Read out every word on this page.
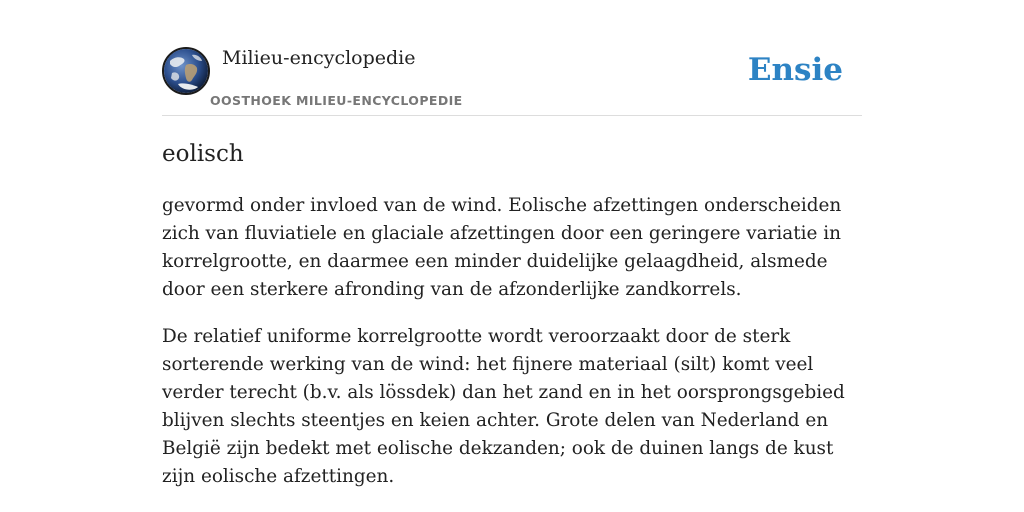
Milieu-encyclopedie
OOSTHOEK MILIEU-ENCYCLOPEDIE
Ensie
eolisch

gevormd onder invloed van de wind. Eolische afzettingen onderscheiden zich van fluviatiele en glaciale afzettingen door een geringere variatie in korrelgrootte, en daarmee een minder duidelijke gelaagdheid, alsmede door een sterkere afronding van de afzonderlijke zandkorrels.

De relatief uniforme korrelgrootte wordt veroorzaakt door de sterk sorterende werking van de wind: het fijnere materiaal (silt) komt veel verder terecht (b.v. als lössdek) dan het zand en in het oorsprongsgebied blijven slechts steentjes en keien achter. Grote delen van Nederland en België zijn bedekt met eolische dekzanden; ook de duinen langs de kust zijn eolische afzettingen.
